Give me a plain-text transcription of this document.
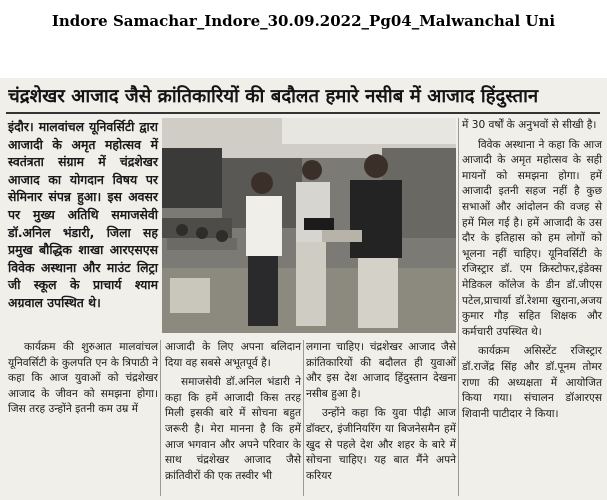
Indore Samachar_Indore_30.09.2022_Pg04_Malwanchal Uni
चंद्रशेखर आजाद जैसे क्रांतिकारियों की बदौलत हमारे नसीब में आजाद हिंदुस्तान
इंदौर। मालवांचल यूनिवर्सिटी द्वारा आजादी के अमृत महोत्सव में स्वतंत्रता संग्राम में चंद्रशेखर आजाद का योगदान विषय पर सेमिनार संपन्न हुआ। इस अवसर पर मुख्य अतिथि समाजसेवी डॉ.अनिल भंडारी, जिला सह प्रमुख बौद्धिक शाखा आरएसएस विवेक अस्थाना और माउंट लिट्रा जी स्कूल के प्राचार्य श्याम अग्रवाल उपस्थित थे।

कार्यक्रम की शुरुआत मालवांचल यूनिवर्सिटी के कुलपति एन के त्रिपाठी ने कहा कि आज युवाओं को चंद्रशेखर आजाद के जीवन को समझना होगा। जिस तरह उन्होंने इतनी कम उम्र में

आजादी के लिए अपना बलिदान दिया वह सबसे अभूतपूर्व है।

समाजसेवी डॉ.अनिल भंडारी ने कहा कि हमें आजादी किस तरह मिली इसकी बारे में सोचना बहुत जरूरी है। मेरा मानना है कि हमें आज भगवान और अपने परिवार के साथ चंद्रशेखर आजाद जैसे क्रांतिवीरों की एक तस्वीर भी

लगाना चाहिए। चंद्रशेखर आजाद जैसे क्रांतिकारियों की बदौलत ही युवाओं और इस देश आजाद हिंदुस्तान देखना नसीब हुआ है।

उन्होंने कहा कि युवा पीढ़ी आज डॉक्टर, इंजीनियरिंग या बिजनेसमैन हमें खुद से पहले देश और शहर के बारे में सोचना चाहिए। यह बात मैंने अपने करियर

में 30 वर्षों के अनुभवों से सीखी है।

विवेक अस्थाना ने कहा कि आज आजादी के अमृत महोत्सव के सही मायनों को समझना होगा। हमें आजादी इतनी सहज नहीं है कुछ सभाओं और आंदोलन की वजह से हमें मिल गई है। हमें आजादी के उस दौर के इतिहास को हम लोगों को भूलना नहीं चाहिए। यूनिवर्सिटी के रजिस्ट्रार डॉ. एम क्रिस्टोफर,इंडेक्स मेडिकल कॉलेज के डीन डॉ.जीएस पटेल,प्राचार्या डॉ.रेशमा खुराना,अजय कुमार गौड़ सहित शिक्षक और कर्मचारी उपस्थित थे।

कार्यक्रम असिस्टेंट रजिस्ट्रार डॉ.राजेंद्र सिंह और डॉ.पूनम तोमर राणा की अध्यक्षता में आयोजित किया गया। संचालन डॉआरएस शिवानी पाटीदार ने किया।
